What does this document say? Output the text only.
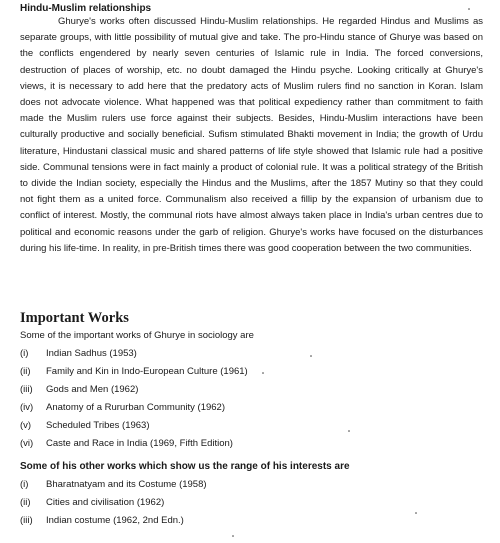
Hindu-Muslim relationships

Ghurye's works often discussed Hindu-Muslim relationships. He regarded Hindus and Muslims as separate groups, with little possibility of mutual give and take. The pro-Hindu stance of Ghurye was based on the conflicts engendered by nearly seven centuries of Islamic rule in India. The forced conversions, destruction of places of worship, etc. no doubt damaged the Hindu psyche. Looking critically at Ghurye's views, it is necessary to add here that the predatory acts of Muslim rulers find no sanction in Koran. Islam does not advocate violence. What happened was that political expediency rather than commitment to faith made the Muslim rulers use force against their subjects. Besides, Hindu-Muslim interactions have been culturally productive and socially beneficial. Sufism stimulated Bhakti movement in India; the growth of Urdu literature, Hindustani classical music and shared patterns of life style showed that Islamic rule had a positive side. Communal tensions were in fact mainly a product of colonial rule. It was a political strategy of the British to divide the Indian society, especially the Hindus and the Muslims, after the 1857 Mutiny so that they could not fight them as a united force. Communalism also received a fillip by the expansion of urbanism due to conflict of interest. Mostly, the communal riots have almost always taken place in India's urban centres due to political and economic reasons under the garb of religion. Ghurye's works have focused on the disturbances during his life-time. In reality, in pre-British times there was good cooperation between the two communities.

Important Works

Some of the important works of Ghurye in sociology are

(i)	Indian Sadhus (1953)
(ii)	Family and Kin in Indo-European Culture (1961)
(iii)	Gods and Men (1962)
(iv)	Anatomy of a Rururban Community (1962)
(v)	Scheduled Tribes (1963)
(vi)	Caste and Race in India (1969, Fifth Edition)
Some of his other works which show us the range of his interests are
(i)	Bharatnatyam and its Costume (1958)
(ii)	Cities and civilisation (1962)
(iii)	Indian costume (1962, 2nd Edn.)
